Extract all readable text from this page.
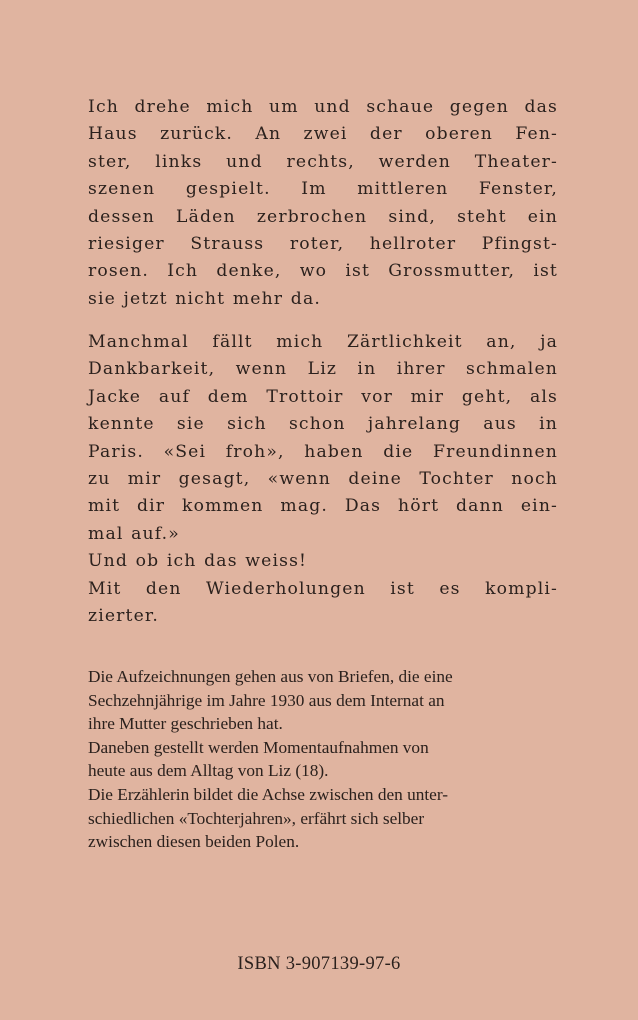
Ich drehe mich um und schaue gegen das
Haus zurück. An zwei der oberen Fen-
ster, links und rechts, werden Theater-
szenen gespielt. Im mittleren Fenster,
dessen Läden zerbrochen sind, steht ein
riesiger Strauss roter, hellroter Pfingst-
rosen. Ich denke, wo ist Grossmutter, ist
sie jetzt nicht mehr da.
Manchmal fällt mich Zärtlichkeit an, ja
Dankbarkeit, wenn Liz in ihrer schmalen
Jacke auf dem Trottoir vor mir geht, als
kennte sie sich schon jahrelang aus in
Paris. «Sei froh», haben die Freundinnen
zu mir gesagt, «wenn deine Tochter noch
mit dir kommen mag. Das hört dann ein-
mal auf.»
Und ob ich das weiss!
Mit den Wiederholungen ist es kompli-
zierter.
Die Aufzeichnungen gehen aus von Briefen, die eine
Sechzehnjährige im Jahre 1930 aus dem Internat an
ihre Mutter geschrieben hat.
Daneben gestellt werden Momentaufnahmen von
heute aus dem Alltag von Liz (18).
Die Erzählerin bildet die Achse zwischen den unter-
schiedlichen «Tochterjahren», erfährt sich selber
zwischen diesen beiden Polen.
ISBN 3-907139-97-6
